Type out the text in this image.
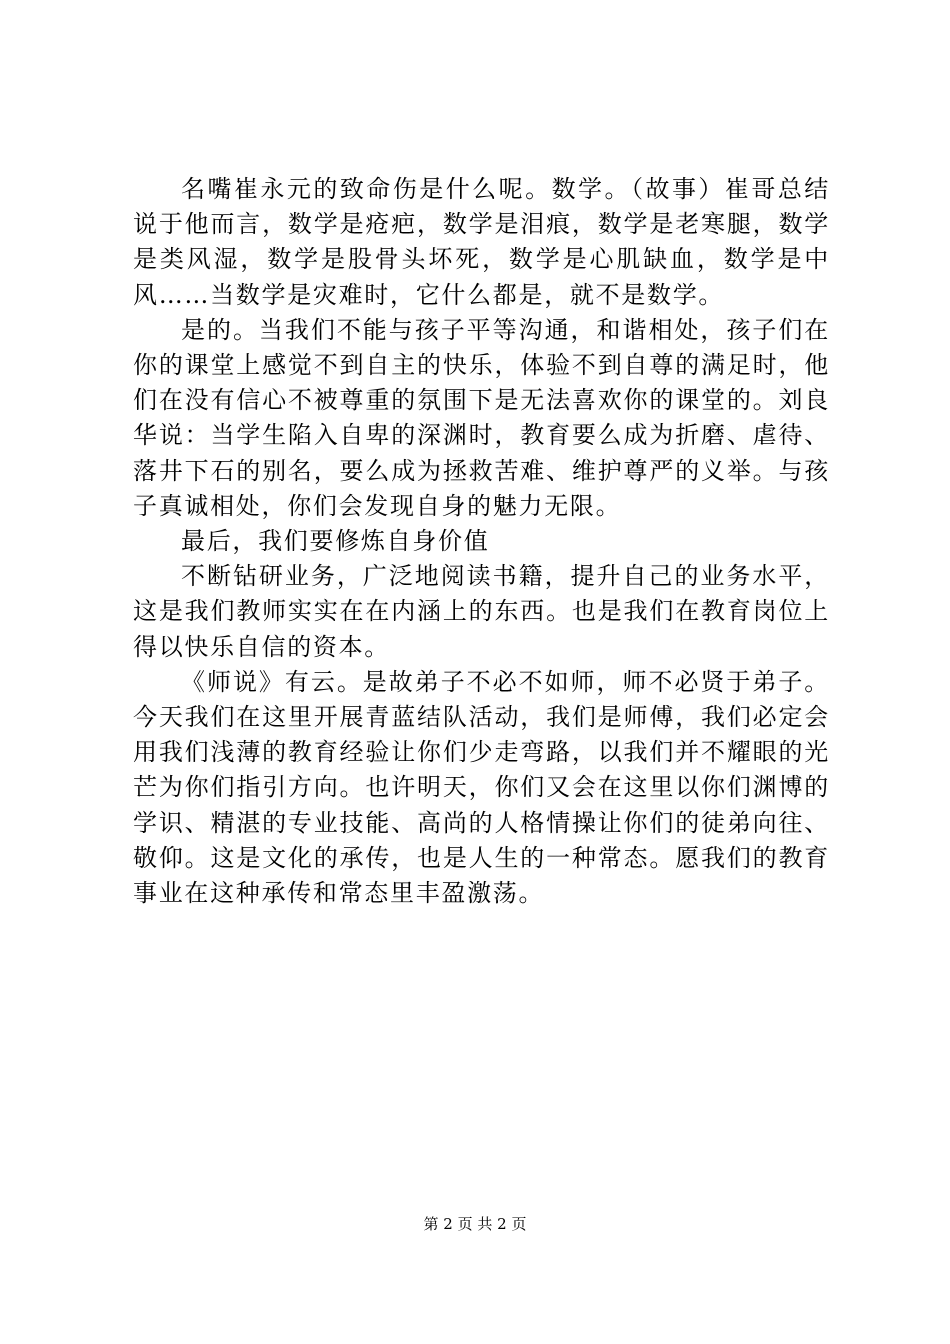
名嘴崔永元的致命伤是什么呢。数学。（故事）崔哥总结说于他而言，数学是疮疤，数学是泪痕，数学是老寒腿，数学是类风湿，数学是股骨头坏死，数学是心肌缺血，数学是中风……当数学是灾难时，它什么都是，就不是数学。

是的。当我们不能与孩子平等沟通，和谐相处，孩子们在你的课堂上感觉不到自主的快乐，体验不到自尊的满足时，他们在没有信心不被尊重的氛围下是无法喜欢你的课堂的。刘良华说：当学生陷入自卑的深渊时，教育要么成为折磨、虐待、落井下石的别名，要么成为拯救苦难、维护尊严的义举。与孩子真诚相处，你们会发现自身的魅力无限。

最后，我们要修炼自身价值

不断钻研业务，广泛地阅读书籍，提升自己的业务水平，这是我们教师实实在在内涵上的东西。也是我们在教育岗位上得以快乐自信的资本。

《师说》有云。是故弟子不必不如师，师不必贤于弟子。今天我们在这里开展青蓝结队活动，我们是师傅，我们必定会用我们浅薄的教育经验让你们少走弯路，以我们并不耀眼的光芒为你们指引方向。也许明天，你们又会在这里以你们渊博的学识、精湛的专业技能、高尚的人格情操让你们的徒弟向往、敬仰。这是文化的承传，也是人生的一种常态。愿我们的教育事业在这种承传和常态里丰盈激荡。

第 2 页 共 2 页
